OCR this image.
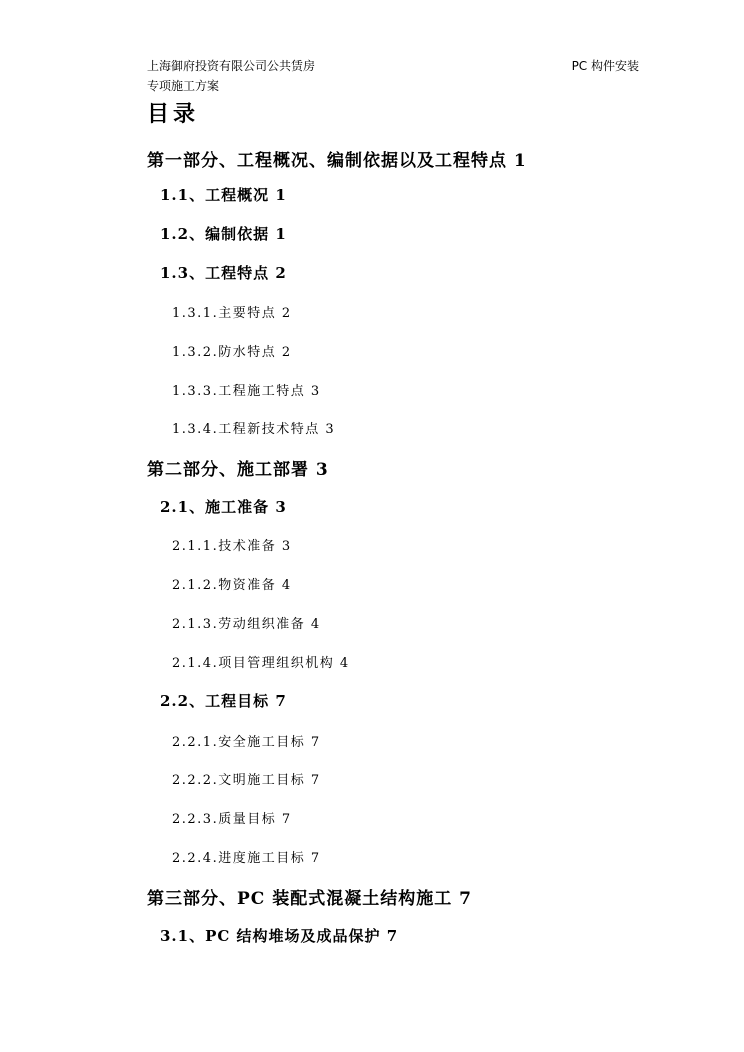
上海御府投资有限公司公共赁房
专项施工方案
PC 构件安装
目录
第一部分、工程概况、编制依据以及工程特点 1
1.1、工程概况 1
1.2、编制依据 1
1.3、工程特点 2
1.3.1.主要特点 2
1.3.2.防水特点 2
1.3.3.工程施工特点 3
1.3.4.工程新技术特点 3
第二部分、施工部署 3
2.1、施工准备 3
2.1.1.技术准备 3
2.1.2.物资准备 4
2.1.3.劳动组织准备 4
2.1.4.项目管理组织机构 4
2.2、工程目标 7
2.2.1.安全施工目标 7
2.2.2.文明施工目标 7
2.2.3.质量目标 7
2.2.4.进度施工目标 7
第三部分、PC 装配式混凝土结构施工 7
3.1、PC 结构堆场及成品保护 7
